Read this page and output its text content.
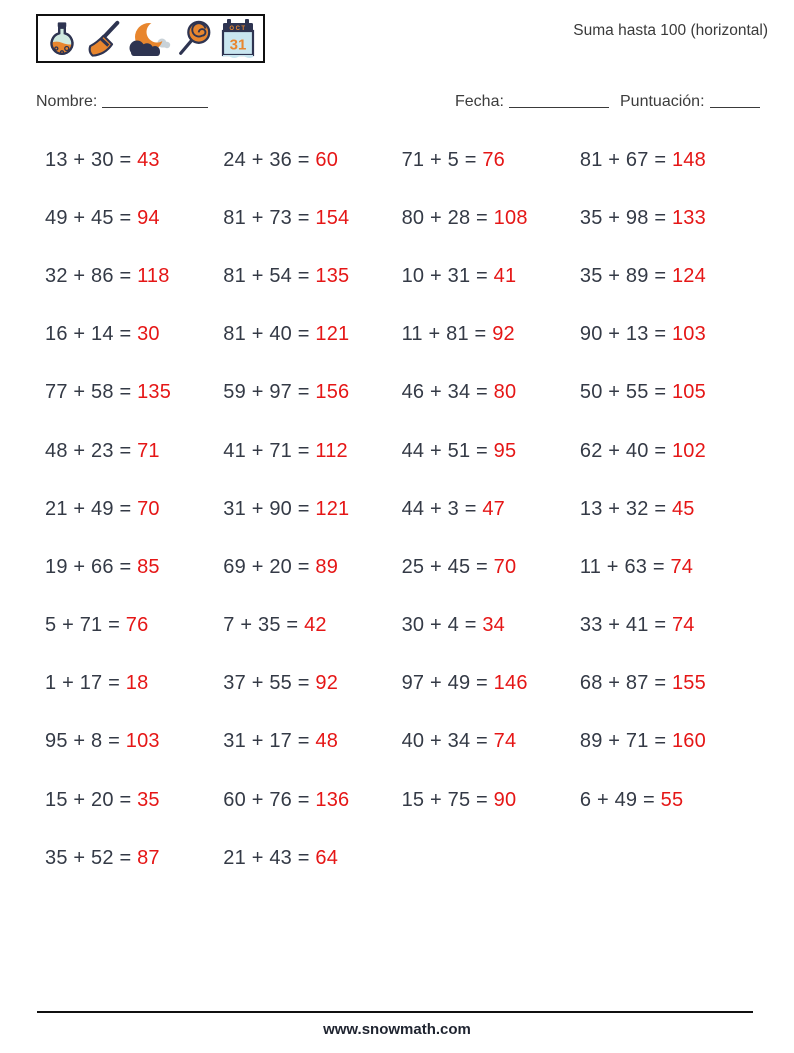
OCT
31
Suma hasta 100 (horizontal)
Nombre:	Fecha:	Puntuación:
13 + 30 = 43	24 + 36 = 60	71 + 5 = 76	81 + 67 = 148
49 + 45 = 94	81 + 73 = 154	80 + 28 = 108	35 + 98 = 133
32 + 86 = 118	81 + 54 = 135	10 + 31 = 41	35 + 89 = 124
16 + 14 = 30	81 + 40 = 121	11 + 81 = 92	90 + 13 = 103
77 + 58 = 135	59 + 97 = 156	46 + 34 = 80	50 + 55 = 105
48 + 23 = 71	41 + 71 = 112	44 + 51 = 95	62 + 40 = 102
21 + 49 = 70	31 + 90 = 121	44 + 3 = 47	13 + 32 = 45
19 + 66 = 85	69 + 20 = 89	25 + 45 = 70	11 + 63 = 74
5 + 71 = 76	7 + 35 = 42	30 + 4 = 34	33 + 41 = 74
1 + 17 = 18	37 + 55 = 92	97 + 49 = 146	68 + 87 = 155
95 + 8 = 103	31 + 17 = 48	40 + 34 = 74	89 + 71 = 160
15 + 20 = 35	60 + 76 = 136	15 + 75 = 90	6 + 49 = 55
35 + 52 = 87	21 + 43 = 64
www.snowmath.com
